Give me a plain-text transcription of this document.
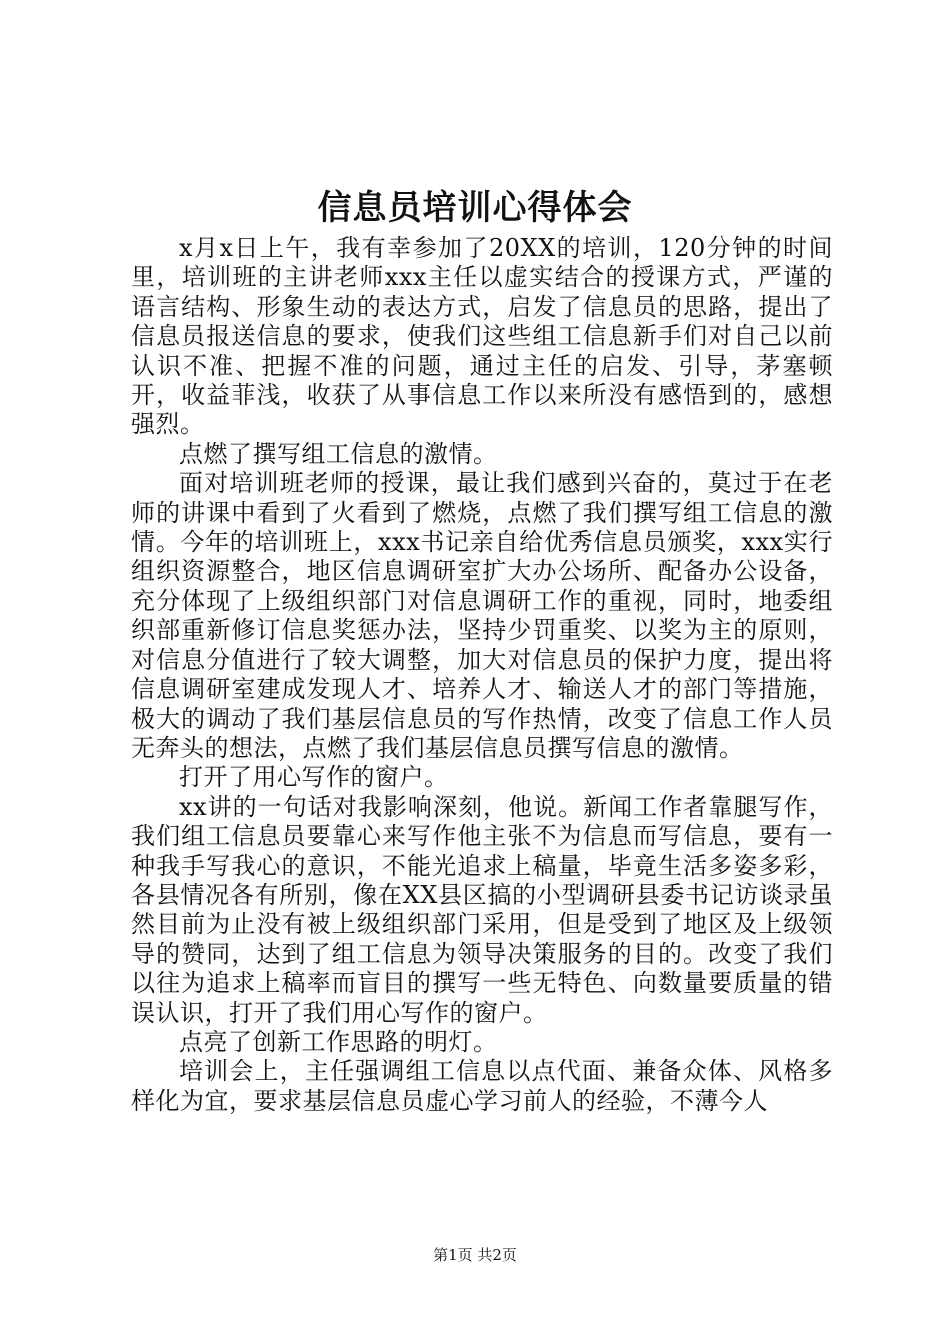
信息员培训心得体会

x月x日上午，我有幸参加了20XX的培训，120分钟的时间里，培训班的主讲老师xxx主任以虚实结合的授课方式，严谨的语言结构、形象生动的表达方式，启发了信息员的思路，提出了信息员报送信息的要求，使我们这些组工信息新手们对自己以前认识不准、把握不准的问题，通过主任的启发、引导，茅塞顿开，收益菲浅，收获了从事信息工作以来所没有感悟到的，感想强烈。

点燃了撰写组工信息的激情。

面对培训班老师的授课，最让我们感到兴奋的，莫过于在老师的讲课中看到了火看到了燃烧，点燃了我们撰写组工信息的激情。今年的培训班上，xxx书记亲自给优秀信息员颁奖，xxx实行组织资源整合，地区信息调研室扩大办公场所、配备办公设备，充分体现了上级组织部门对信息调研工作的重视，同时，地委组织部重新修订信息奖惩办法，坚持少罚重奖、以奖为主的原则，对信息分值进行了较大调整，加大对信息员的保护力度，提出将信息调研室建成发现人才、培养人才、输送人才的部门等措施，极大的调动了我们基层信息员的写作热情，改变了信息工作人员无奔头的想法，点燃了我们基层信息员撰写信息的激情。

打开了用心写作的窗户。

xx讲的一句话对我影响深刻，他说。新闻工作者靠腿写作，我们组工信息员要靠心来写作他主张不为信息而写信息，要有一种我手写我心的意识，不能光追求上稿量，毕竟生活多姿多彩，各县情况各有所别，像在XX县区搞的小型调研县委书记访谈录虽然目前为止没有被上级组织部门采用，但是受到了地区及上级领导的赞同，达到了组工信息为领导决策服务的目的。改变了我们以往为追求上稿率而盲目的撰写一些无特色、向数量要质量的错误认识，打开了我们用心写作的窗户。

点亮了创新工作思路的明灯。

培训会上，主任强调组工信息以点代面、兼备众体、风格多样化为宜，要求基层信息员虚心学习前人的经验，不薄今人

第1页 共2页
